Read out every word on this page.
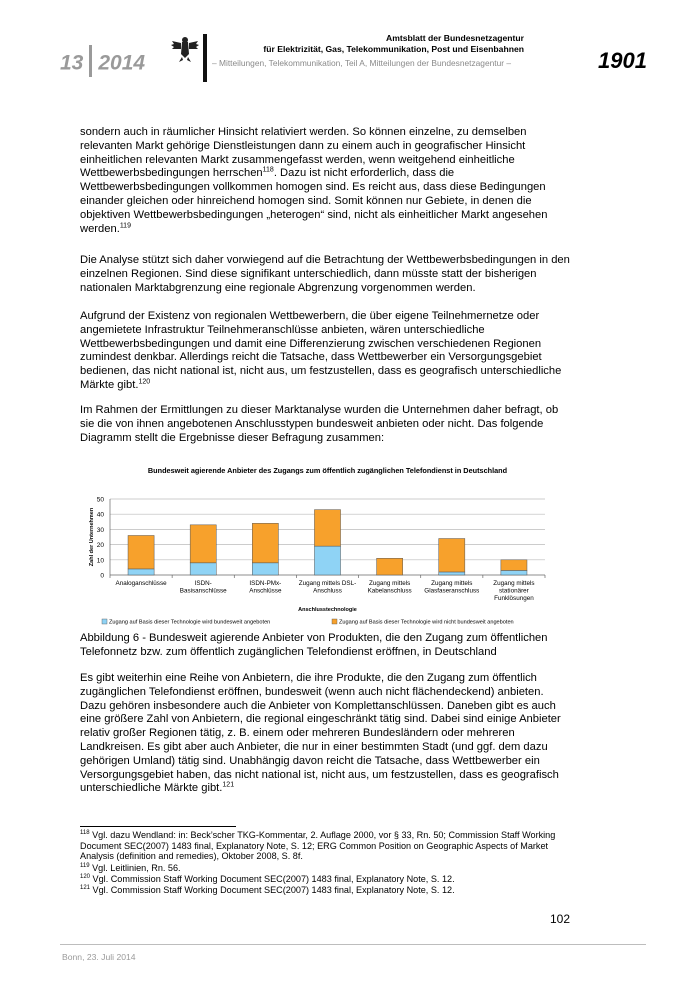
13 2014
Amtsblatt der Bundesnetzagentur
für Elektrizität, Gas, Telekommunikation, Post und Eisenbahnen
– Mitteilungen, Telekommunikation, Teil A, Mitteilungen der Bundesnetzagentur –	1901
sondern auch in räumlicher Hinsicht relativiert werden. So können einzelne, zu demselben relevanten Markt gehörige Dienstleistungen dann zu einem auch in geografischer Hinsicht einheitlichen relevanten Markt zusammengefasst werden, wenn weitgehend einheitliche Wettbewerbsbedingungen herrschen$^{118}$. Dazu ist nicht erforderlich, dass die Wettbewerbsbedingungen vollkommen homogen sind. Es reicht aus, dass diese Bedingungen einander gleichen oder hinreichend homogen sind. Somit können nur Gebiete, in denen die objektiven Wettbewerbsbedingungen „heterogen“ sind, nicht als einheitlicher Markt angesehen werden.$^{119}$
Die Analyse stützt sich daher vorwiegend auf die Betrachtung der Wettbewerbsbedingungen in den einzelnen Regionen. Sind diese signifikant unterschiedlich, dann müsste statt der bisherigen nationalen Marktabgrenzung eine regionale Abgrenzung vorgenommen werden.
Aufgrund der Existenz von regionalen Wettbewerbern, die über eigene Teilnehmernetze oder angemietete Infrastruktur Teilnehmeranschlüsse anbieten, wären unterschiedliche Wettbewerbsbedingungen und damit eine Differenzierung zwischen verschiedenen Regionen zumindest denkbar. Allerdings reicht die Tatsache, dass Wettbewerber ein Versorgungsgebiet bedienen, das nicht national ist, nicht aus, um festzustellen, dass es geografisch unterschiedliche Märkte gibt.$^{120}$
Im Rahmen der Ermittlungen zu dieser Marktanalyse wurden die Unternehmen daher befragt, ob sie die von ihnen angebotenen Anschlusstypen bundesweit anbieten oder nicht. Das folgende Diagramm stellt die Ergebnisse dieser Befragung zusammen:
Bundesweit agierende Anbieter des Zugangs zum öffentlich zugänglichen Telefondienst in Deutschland
0
10
20
30
40
50
Zahl der Unternehmen
Analoganschlüsse	ISDN-
Basisanschlüsse
ISDN-PMx-
Anschlüsse
Zugang mittels DSL-
Anschluss
Zugang mittels
Kabelanschluss
Zugang mittels
Glasfaseranschluss
Zugang mittels
stationärer
Funklösungen
Anschlusstechnologie
Zugang auf Basis dieser Technologie wird bundesweit angeboten	Zugang auf Basis dieser Technologie wird nicht bundesweit angeboten
Abbildung 6 - Bundesweit agierende Anbieter von Produkten, die den Zugang zum öffentlichen Telefonnetz bzw. zum öffentlich zugänglichen Telefondienst eröffnen, in Deutschland
Es gibt weiterhin eine Reihe von Anbietern, die ihre Produkte, die den Zugang zum öffentlich zugänglichen Telefondienst eröffnen, bundesweit (wenn auch nicht flächendeckend) anbieten. Dazu gehören insbesondere auch die Anbieter von Komplettanschlüssen. Daneben gibt es auch eine größere Zahl von Anbietern, die regional eingeschränkt tätig sind. Dabei sind einige Anbieter relativ großer Regionen tätig, z. B. einem oder mehreren Bundesländern oder mehreren Landkreisen. Es gibt aber auch Anbieter, die nur in einer bestimmten Stadt (und ggf. dem dazu gehörigen Umland) tätig sind. Unabhängig davon reicht die Tatsache, dass Wettbewerber ein Versorgungsgebiet haben, das nicht national ist, nicht aus, um festzustellen, dass es geografisch unterschiedliche Märkte gibt.$^{121}$
$^{118}$ Vgl. dazu Wendland: in: Beck’scher TKG-Kommentar, 2. Auflage 2000, vor § 33, Rn. 50; Commission Staff Working Document SEC(2007) 1483 final, Explanatory Note, S. 12; ERG Common Position on Geographic Aspects of Market Analysis (definition and remedies), Oktober 2008, S. 8f.
$^{119}$ Vgl. Leitlinien, Rn. 56.
$^{120}$ Vgl. Commission Staff Working Document SEC(2007) 1483 final, Explanatory Note, S. 12.
$^{121}$ Vgl. Commission Staff Working Document SEC(2007) 1483 final, Explanatory Note, S. 12.
102
Bonn, 23. Juli 2014
